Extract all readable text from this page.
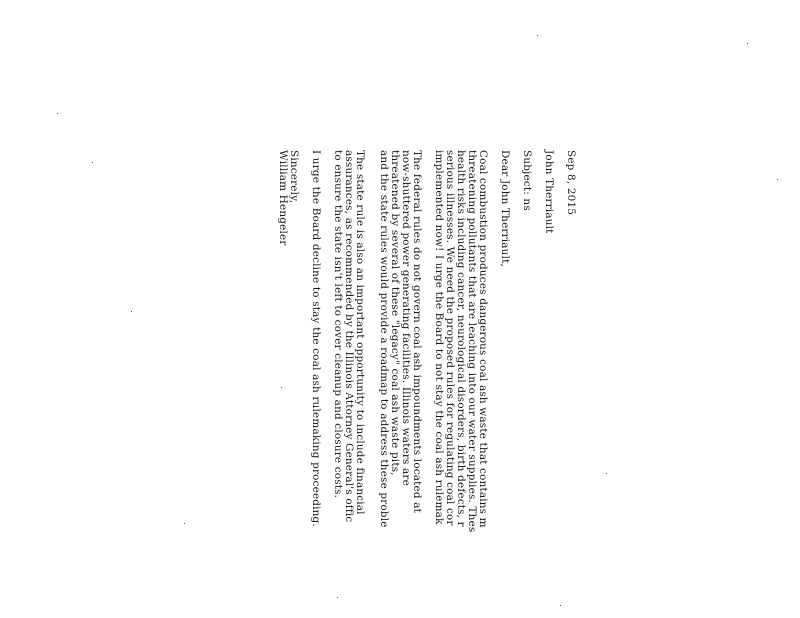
Sep 8, 2015
John Therriault
Subject: ns
Dear John Therriault,
Coal combustion produces dangerous coal ash waste that contains m
threatening pollutants that are leaching into our water supplies. Thes
health risks including cancer, neurological disorders, birth defects, r
serious illnesses. We need the proposed rules for regulating coal cor
implemented now! I urge the Board to not stay the coal ash rulemak
The federal rules do not govern coal ash impoundments located at
now-shuttered power generating facilities. Illinois waters are
threatened by several of these "legacy" coal ash waste pits,
and the state rules would provide a roadmap to address these proble
The state rule is also an important opportunity to include financial
assurances, as recommended by the Illinois Attorney General's offic
to ensure the state isn't left to cover cleanup and closure costs.
I urge the Board decline to stay the coal ash rulemaking proceeding.
Sincerely,
William Hengeler
